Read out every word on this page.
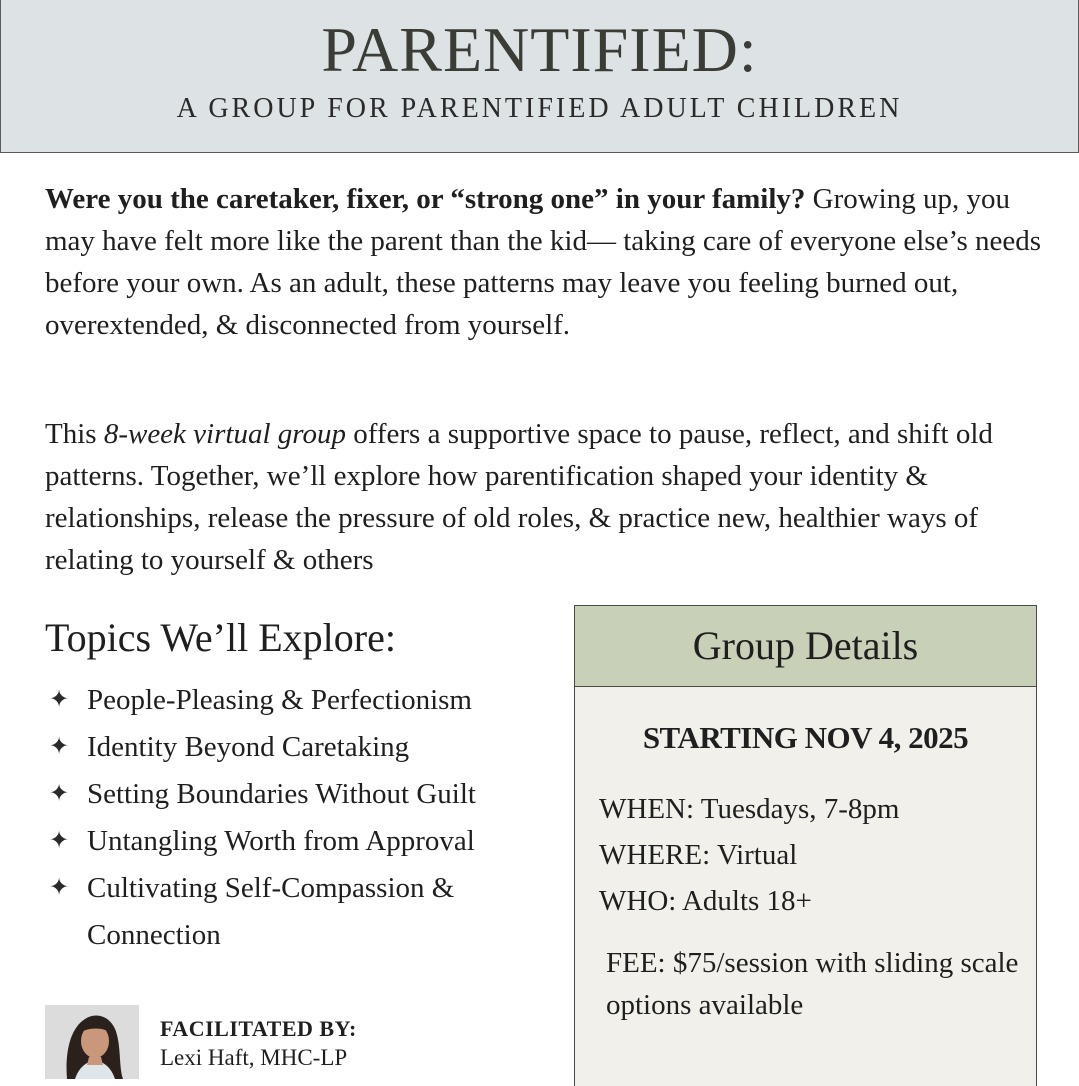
PARENTIFIED:
A GROUP FOR PARENTIFIED ADULT CHILDREN
Were you the caretaker, fixer, or “strong one” in your family? Growing up, you may have felt more like the parent than the kid— taking care of everyone else’s needs before your own. As an adult, these patterns may leave you feeling burned out, overextended, & disconnected from yourself.
This 8-week virtual group offers a supportive space to pause, reflect, and shift old patterns. Together, we’ll explore how parentification shaped your identity & relationships, release the pressure of old roles, & practice new, healthier ways of relating to yourself & others
Topics We’ll Explore:
✦ People-Pleasing & Perfectionism
✦ Identity Beyond Caretaking
✦ Setting Boundaries Without Guilt
✦ Untangling Worth from Approval
✦ Cultivating Self-Compassion & Connection
Group Details
STARTING NOV 4, 2025
WHEN: Tuesdays, 7-8pm
WHERE: Virtual
WHO: Adults 18+
FEE: $75/session with sliding scale options available
FACILITATED BY:
Lexi Haft, MHC-LP
